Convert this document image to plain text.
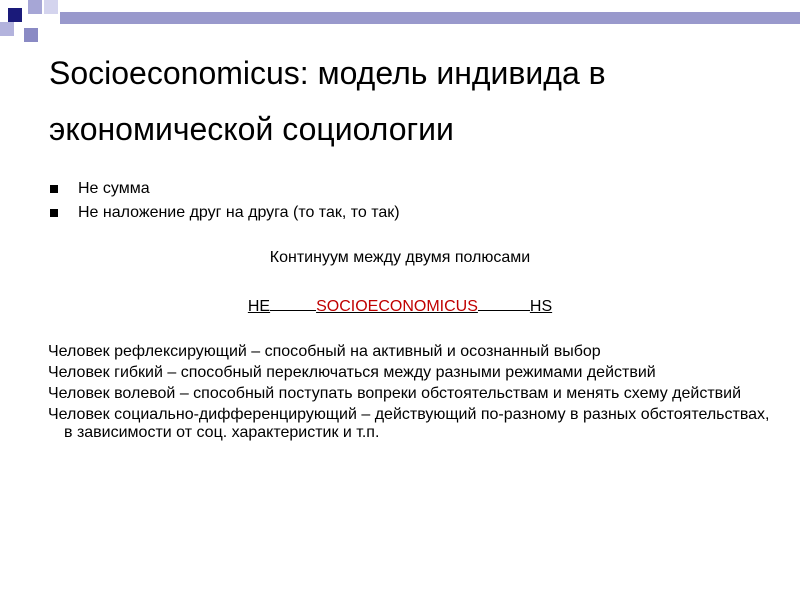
Socioeconomicus: модель индивида в
экономической социологии
Не сумма
Не наложение друг на друга (то так, то так)

Континуум между двумя полюсами

HE	SOCIOECONOMICUS	HS

Человек рефлексирующий – способный на активный и осознанный выбор
Человек гибкий – способный переключаться между разными режимами действий
Человек волевой – способный поступать вопреки обстоятельствам и менять схему действий
Человек социально-дифференцирующий – действующий по-разному в разных обстоятельствах, в зависимости от соц. характеристик и т.п.
